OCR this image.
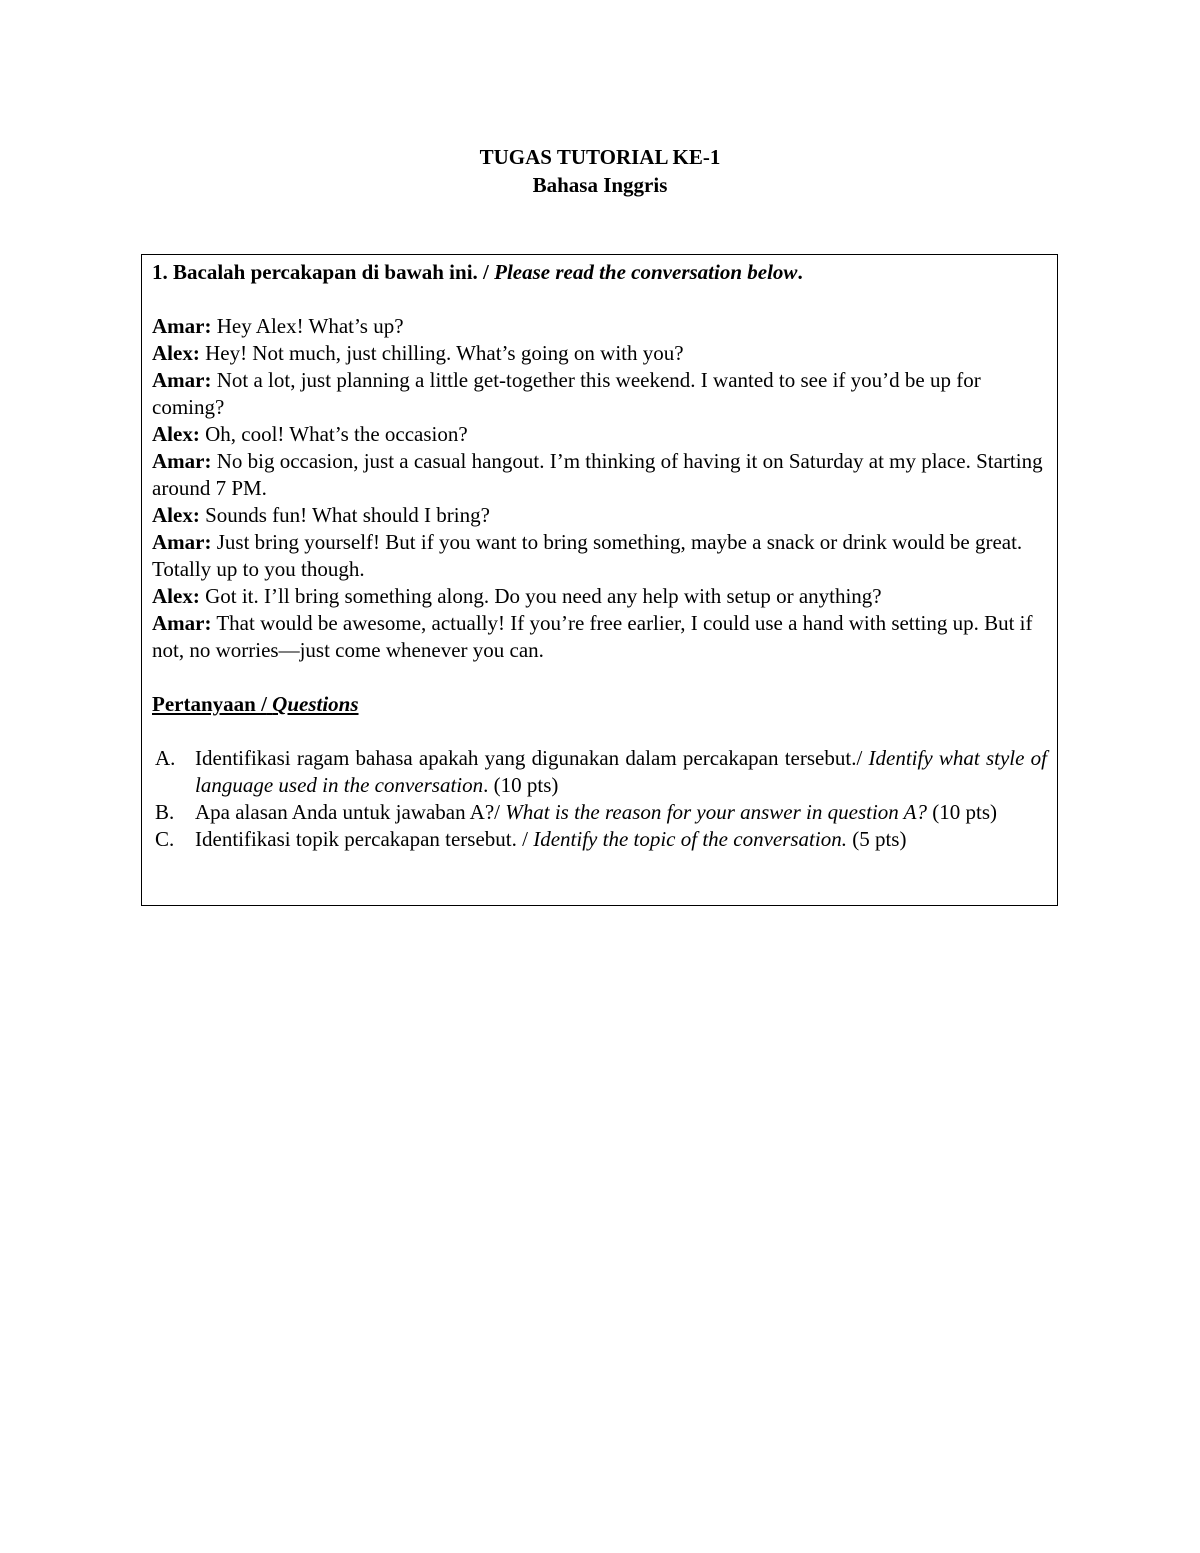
TUGAS TUTORIAL KE-1
Bahasa Inggris

1. Bacalah percakapan di bawah ini. / Please read the conversation below.

Amar: Hey Alex! What’s up?

Alex: Hey! Not much, just chilling. What’s going on with you?

Amar: Not a lot, just planning a little get-together this weekend. I wanted to see if you’d be up for coming?

Alex: Oh, cool! What’s the occasion?

Amar: No big occasion, just a casual hangout. I’m thinking of having it on Saturday at my place. Starting around 7 PM.

Alex: Sounds fun! What should I bring?

Amar: Just bring yourself! But if you want to bring something, maybe a snack or drink would be great. Totally up to you though.

Alex: Got it. I’ll bring something along. Do you need any help with setup or anything?

Amar: That would be awesome, actually! If you’re free earlier, I could use a hand with setting up. But if not, no worries—just come whenever you can.

Pertanyaan / Questions

A. Identifikasi ragam bahasa apakah yang digunakan dalam percakapan tersebut./ Identify what style of language used in the conversation. (10 pts)
B. Apa alasan Anda untuk jawaban A?/ What is the reason for your answer in question A? (10 pts)
C. Identifikasi topik percakapan tersebut. / Identify the topic of the conversation. (5 pts)
